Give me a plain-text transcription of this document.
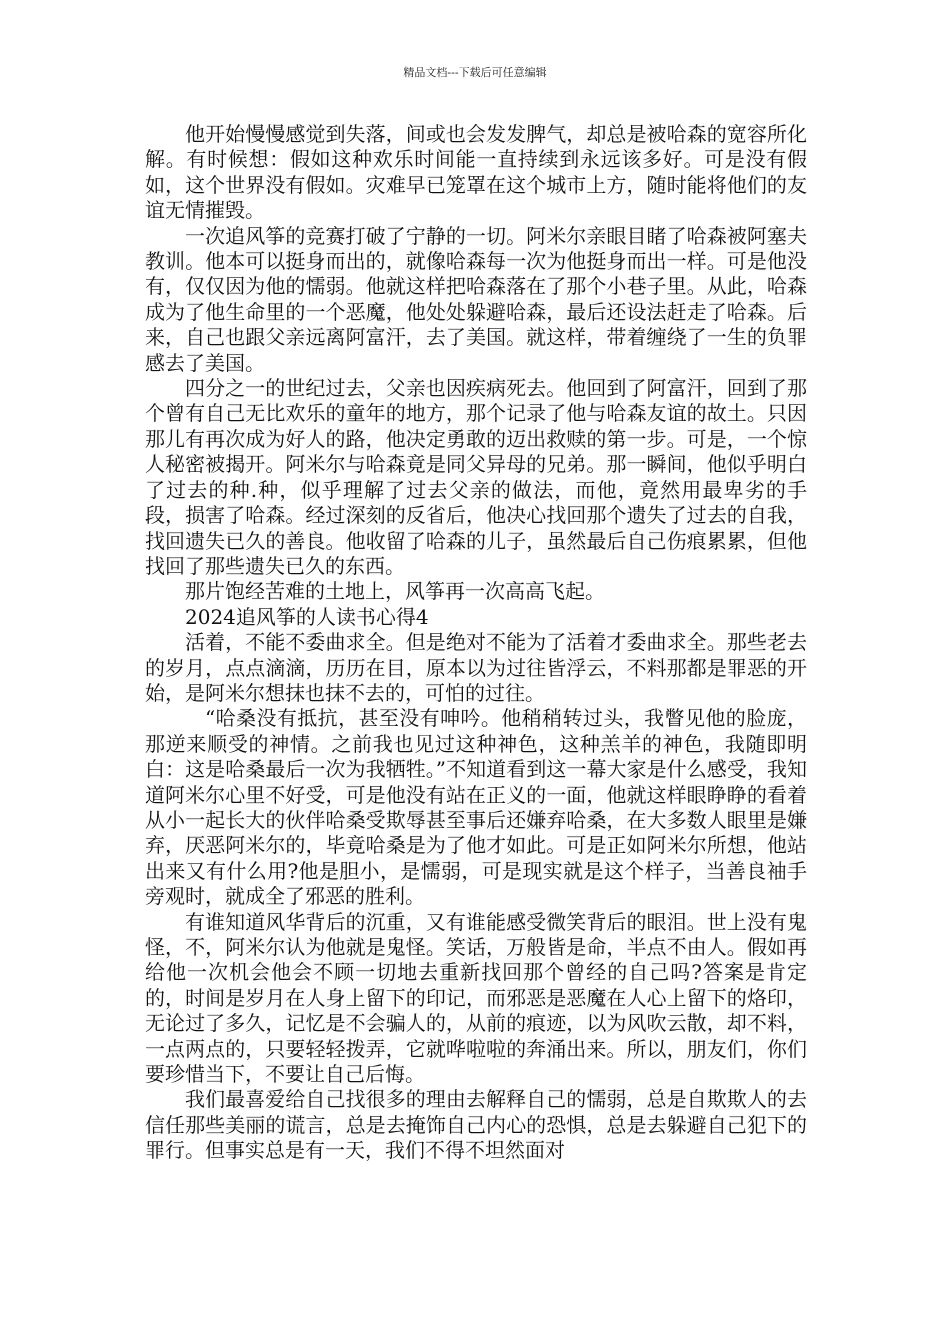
精品文档---下载后可任意编辑

他开始慢慢感觉到失落，间或也会发发脾气，却总是被哈森的宽容所化解。有时候想：假如这种欢乐时间能一直持续到永远该多好。可是没有假如，这个世界没有假如。灾难早已笼罩在这个城市上方，随时能将他们的友谊无情摧毁。

一次追风筝的竞赛打破了宁静的一切。阿米尔亲眼目睹了哈森被阿塞夫教训。他本可以挺身而出的，就像哈森每一次为他挺身而出一样。可是他没有，仅仅因为他的懦弱。他就这样把哈森落在了那个小巷子里。从此，哈森成为了他生命里的一个恶魔，他处处躲避哈森，最后还设法赶走了哈森。后来，自己也跟父亲远离阿富汗，去了美国。就这样，带着缠绕了一生的负罪感去了美国。

四分之一的世纪过去，父亲也因疾病死去。他回到了阿富汗，回到了那个曾有自己无比欢乐的童年的地方，那个记录了他与哈森友谊的故土。只因那儿有再次成为好人的路，他决定勇敢的迈出救赎的第一步。可是，一个惊人秘密被揭开。阿米尔与哈森竟是同父异母的兄弟。那一瞬间，他似乎明白了过去的种.种，似乎理解了过去父亲的做法，而他，竟然用最卑劣的手段，损害了哈森。经过深刻的反省后，他决心找回那个遗失了过去的自我，找回遗失已久的善良。他收留了哈森的儿子，虽然最后自己伤痕累累，但他找回了那些遗失已久的东西。

那片饱经苦难的土地上，风筝再一次高高飞起。

2024追风筝的人读书心得4

活着，不能不委曲求全。但是绝对不能为了活着才委曲求全。那些老去的岁月，点点滴滴，历历在目，原本以为过往皆浮云，不料那都是罪恶的开始，是阿米尔想抹也抹不去的，可怕的过往。

“哈桑没有抵抗，甚至没有呻吟。他稍稍转过头，我瞥见他的脸庞，那逆来顺受的神情。之前我也见过这种神色，这种羔羊的神色，我随即明白：这是哈桑最后一次为我牺牲。”不知道看到这一幕大家是什么感受，我知道阿米尔心里不好受，可是他没有站在正义的一面，他就这样眼睁睁的看着从小一起长大的伙伴哈桑受欺辱甚至事后还嫌弃哈桑，在大多数人眼里是嫌弃，厌恶阿米尔的，毕竟哈桑是为了他才如此。可是正如阿米尔所想，他站出来又有什么用?他是胆小，是懦弱，可是现实就是这个样子，当善良袖手旁观时，就成全了邪恶的胜利。

有谁知道风华背后的沉重，又有谁能感受微笑背后的眼泪。世上没有鬼怪，不，阿米尔认为他就是鬼怪。笑话，万般皆是命，半点不由人。假如再给他一次机会他会不顾一切地去重新找回那个曾经的自己吗?答案是肯定的，时间是岁月在人身上留下的印记，而邪恶是恶魔在人心上留下的烙印，无论过了多久，记忆是不会骗人的，从前的痕迹，以为风吹云散，却不料，一点两点的，只要轻轻拨弄，它就哗啦啦的奔涌出来。所以，朋友们，你们要珍惜当下，不要让自己后悔。

我们最喜爱给自己找很多的理由去解释自己的懦弱，总是自欺欺人的去信任那些美丽的谎言，总是去掩饰自己内心的恐惧，总是去躲避自己犯下的罪行。但事实总是有一天，我们不得不坦然面对
